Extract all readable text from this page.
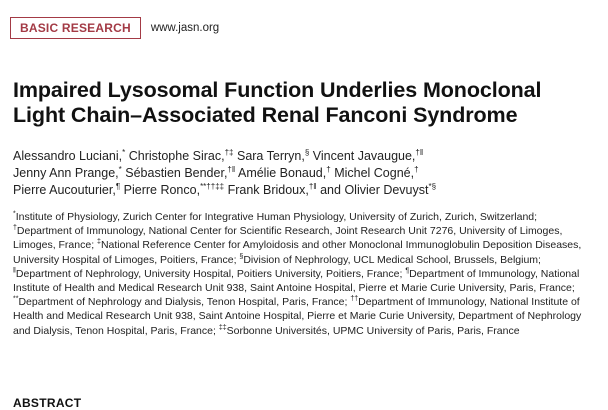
BASIC RESEARCH	www.jasn.org
Impaired Lysosomal Function Underlies Monoclonal Light Chain–Associated Renal Fanconi Syndrome
Alessandro Luciani,* Christophe Sirac,†‡ Sara Terryn,§ Vincent Javaugue,†‖
Jenny Ann Prange,* Sébastien Bender,†‖ Amélie Bonaud,† Michel Cogné,†
Pierre Aucouturier,¶ Pierre Ronco,**††‡‡ Frank Bridoux,†‖ and Olivier Devuyst*§
*Institute of Physiology, Zurich Center for Integrative Human Physiology, University of Zurich, Zurich, Switzerland; †Department of Immunology, National Center for Scientific Research, Joint Research Unit 7276, University of Limoges, Limoges, France; ‡National Reference Center for Amyloidosis and other Monoclonal Immunoglobulin Deposition Diseases, University Hospital of Limoges, Poitiers, France; §Division of Nephrology, UCL Medical School, Brussels, Belgium; ‖Department of Nephrology, University Hospital, Poitiers University, Poitiers, France; ¶Department of Immunology, National Institute of Health and Medical Research Unit 938, Saint Antoine Hospital, Pierre et Marie Curie University, Paris, France; **Department of Nephrology and Dialysis, Tenon Hospital, Paris, France; ††Department of Immunology, National Institute of Health and Medical Research Unit 938, Saint Antoine Hospital, Pierre et Marie Curie University, Department of Nephrology and Dialysis, Tenon Hospital, Paris, France; ‡‡Sorbonne Universités, UPMC University of Paris, Paris, France
ABSTRACT
